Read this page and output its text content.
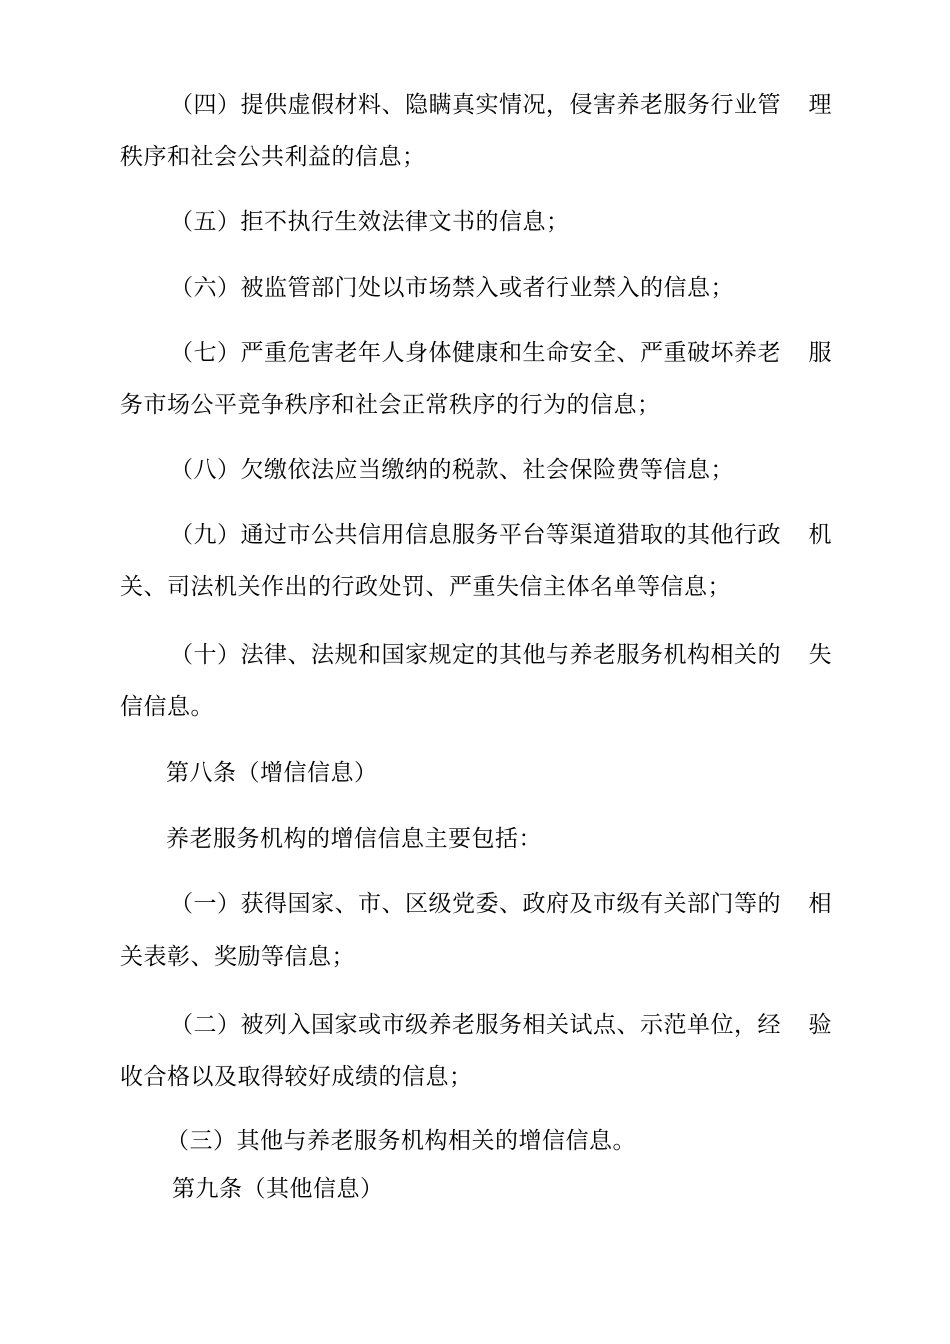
（四）提供虚假材料、隐瞒真实情况，侵害养老服务行业管 理
秩序和社会公共利益的信息；
（五）拒不执行生效法律文书的信息；
（六）被监管部门处以市场禁入或者行业禁入的信息；
（七）严重危害老年人身体健康和生命安全、严重破坏养老 服
务市场公平竞争秩序和社会正常秩序的行为的信息；
（八）欠缴依法应当缴纳的税款、社会保险费等信息；
（九）通过市公共信用信息服务平台等渠道猎取的其他行政 机
关、司法机关作出的行政处罚、严重失信主体名单等信息；
（十）法律、法规和国家规定的其他与养老服务机构相关的 失
信信息。
第八条（增信信息）
养老服务机构的增信信息主要包括：
（一）获得国家、市、区级党委、政府及市级有关部门等的 相
关表彰、奖励等信息；
（二）被列入国家或市级养老服务相关试点、示范单位，经 验
收合格以及取得较好成绩的信息；
（三）其他与养老服务机构相关的增信信息。
第九条（其他信息）
